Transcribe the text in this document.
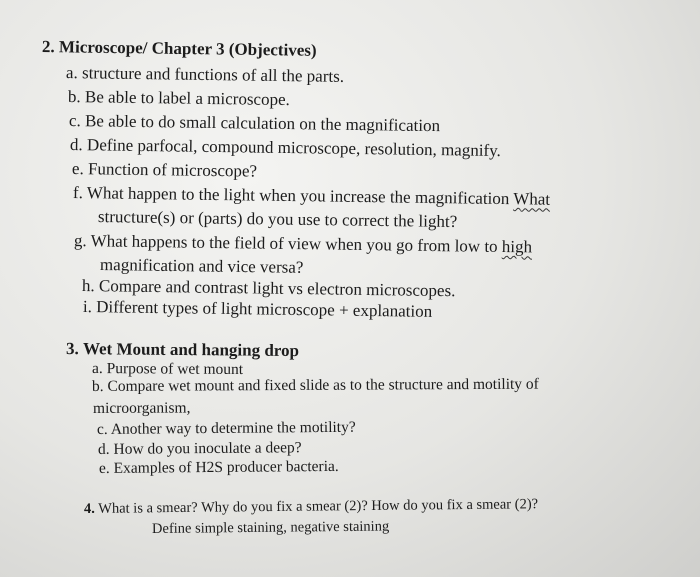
2. Microscope/ Chapter 3 (Objectives)
a. structure and functions of all the parts.
b. Be able to label a microscope.
c. Be able to do small calculation on the magnification
d. Define parfocal, compound microscope, resolution, magnify.
e. Function of microscope?
f. What happen to the light when you increase the magnification What
structure(s) or (parts) do you use to correct the light?
g. What happens to the field of view when you go from low to high
magnification and vice versa?
h. Compare and contrast light vs electron microscopes.
i. Different types of light microscope + explanation
3. Wet Mount and hanging drop
a. Purpose of wet mount
b. Compare wet mount and fixed slide as to the structure and motility of
microorganism,
c. Another way to determine the motility?
d. How do you inoculate a deep?
e. Examples of H2S producer bacteria.
4. What is a smear? Why do you fix a smear (2)? How do you fix a smear (2)?
Define simple staining, negative staining
